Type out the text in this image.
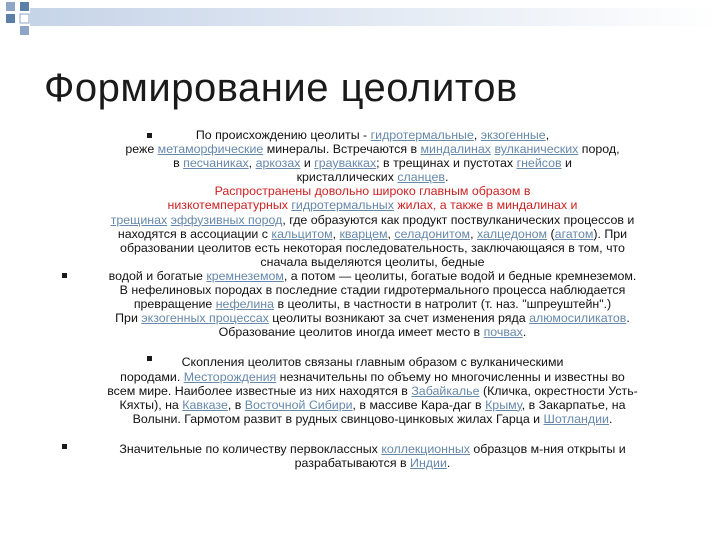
Формирование цеолитов

По происхождению цеолиты - гидротермальные, экзогенные,
реже метаморфические минералы. Встречаются в миндалинах вулканических пород,
в песчаниках, аркозах и граувакках; в трещинах и пустотах гнейсов и
кристаллических сланцев.
Распространены довольно широко главным образом в
низкотемпературных гидротермальных жилах, а также в миндалинах и
трещинах эффузивных пород, где образуются как продукт поствулканических процессов и
находятся в ассоциации с кальцитом, кварцем, селадонитом, халцедоном (агатом). При
образовании цеолитов есть некоторая последовательность, заключающаяся в том, что
сначала выделяются цеолиты, бедные
водой и богатые кремнеземом, а потом — цеолиты, богатые водой и бедные кремнеземом.
В нефелиновых породах в последние стадии гидротермального процесса наблюдается
превращение нефелина в цеолиты, в частности в натролит (т. наз. "шпреуштейн".)
При экзогенных процессах цеолиты возникают за счет изменения ряда алюмосиликатов.
Образование цеолитов иногда имеет место в почвах.

Скопления цеолитов связаны главным образом с вулканическими
породами. Месторождения незначительны по объему но многочисленны и известны во
всем мире. Наиболее известные из них находятся в Забайкалье (Кличка, окрестности Усть-
Кяхты), на Кавказе, в Восточной Сибири, в массиве Кара-даг в Крыму, в Закарпатье, на
Волыни. Гармотом развит в рудных свинцово-цинковых жилах Гарца и Шотландии.

Значительные по количеству первоклассных коллекционных образцов м-ния открыты и
разрабатываются в Индии.
